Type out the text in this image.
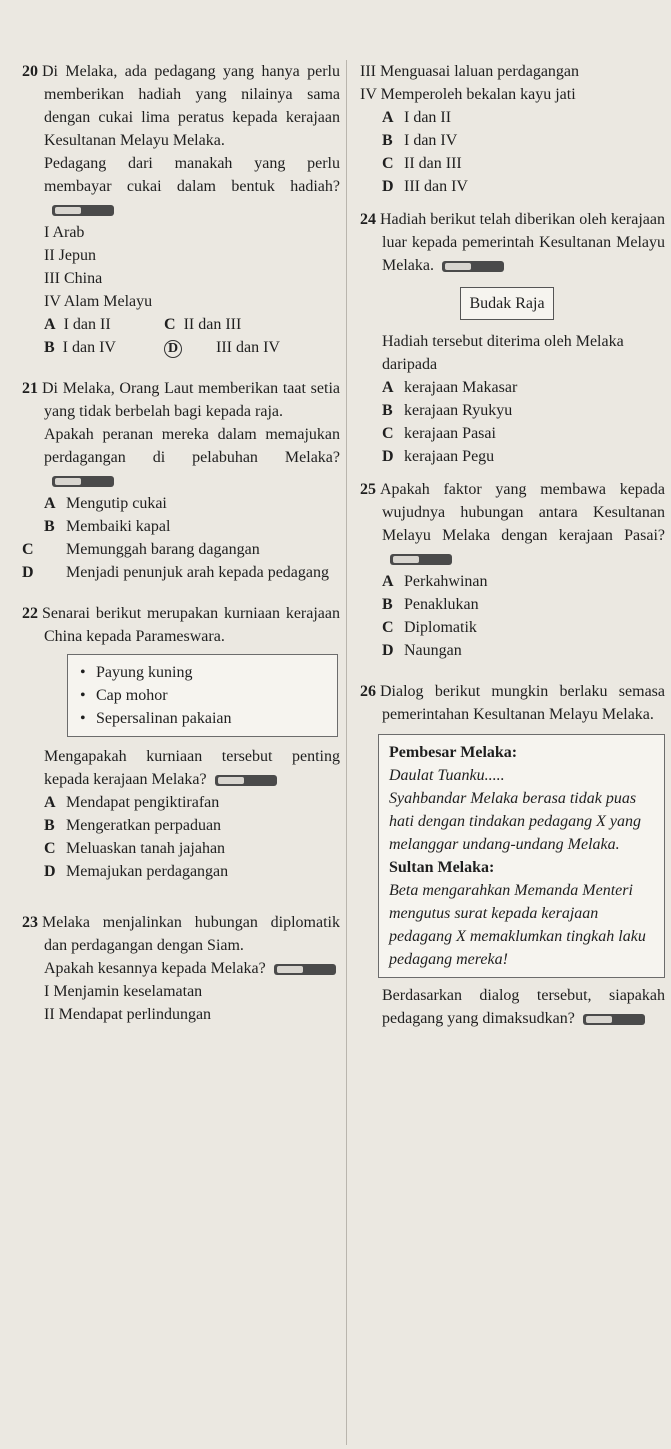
20 Di Melaka, ada pedagang yang hanya perlu memberikan hadiah yang nilainya sama dengan cukai lima peratus kepada kerajaan Kesultanan Melayu Melaka.

Pedagang dari manakah yang perlu membayar cukai dalam bentuk hadiah?

I Arab
II Jepun
III China
IV Alam Melayu
A I dan II	C II dan III
B I dan IV	D III dan IV

21 Di Melaka, Orang Laut memberikan taat setia yang tidak berbelah bagi kepada raja.

Apakah peranan mereka dalam memajukan perdagangan di pelabuhan Melaka?

A Mengutip cukai
B Membaiki kapal
C Memunggah barang dagangan
D Menjadi penunjuk arah kepada pedagang

22 Senarai berikut merupakan kurniaan kerajaan China kepada Parameswara.

• Payung kuning
• Cap mohor
• Sepersalinan pakaian

Mengapakah kurniaan tersebut penting kepada kerajaan Melaka?

A Mendapat pengiktirafan
B Mengeratkan perpaduan
C Meluaskan tanah jajahan
D Memajukan perdagangan

23 Melaka menjalinkan hubungan diplomatik dan perdagangan dengan Siam.

Apakah kesannya kepada Melaka?

I Menjamin keselamatan
II Mendapat perlindungan
III Menguasai laluan perdagangan
IV Memperoleh bekalan kayu jati
A I dan II
B I dan IV
C II dan III
D III dan IV

24 Hadiah berikut telah diberikan oleh kerajaan luar kepada pemerintah Kesultanan Melayu Melaka.

Budak Raja

Hadiah tersebut diterima oleh Melaka daripada

A kerajaan Makasar
B kerajaan Ryukyu
C kerajaan Pasai
D kerajaan Pegu

25 Apakah faktor yang membawa kepada wujudnya hubungan antara Kesultanan Melayu Melaka dengan kerajaan Pasai?

A Perkahwinan
B Penaklukan
C Diplomatik
D Naungan

26 Dialog berikut mungkin berlaku semasa pemerintahan Kesultanan Melayu Melaka.

Pembesar Melaka:
Daulat Tuanku.....
Syahbandar Melaka berasa tidak puas hati dengan tindakan pedagang X yang melanggar undang-undang Melaka.
Sultan Melaka:
Beta mengarahkan Memanda Menteri mengutus surat kepada kerajaan pedagang X memaklumkan tingkah laku pedagang mereka!

Berdasarkan dialog tersebut, siapakah pedagang yang dimaksudkan?
